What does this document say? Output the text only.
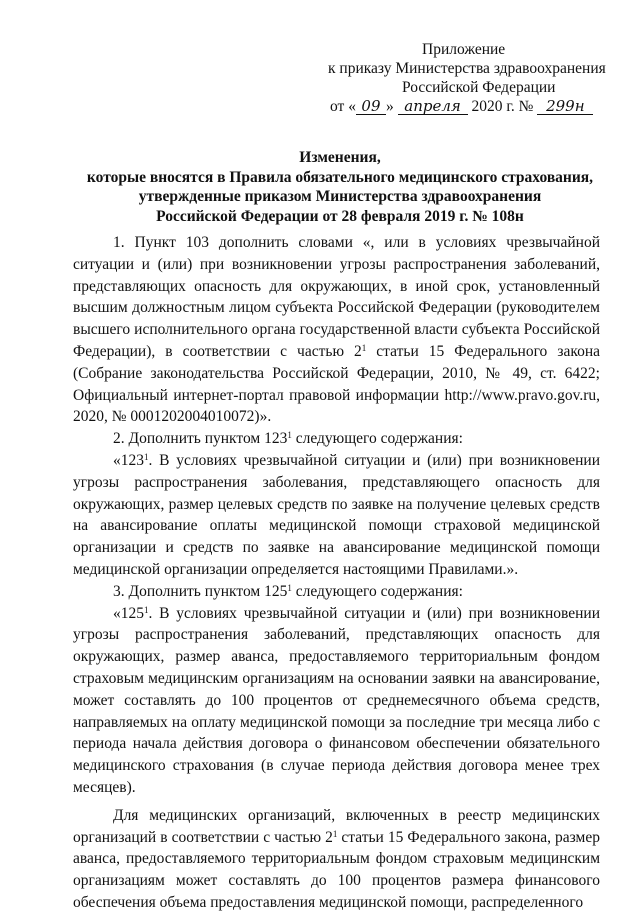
Приложение
к приказу Министерства здравоохранения
Российской Федерации
от « 09 » апреля 2020 г. № 299н
Изменения,
которые вносятся в Правила обязательного медицинского страхования,
утвержденные приказом Министерства здравоохранения
Российской Федерации от 28 февраля 2019 г. № 108н

1. Пункт 103 дополнить словами «, или в условиях чрезвычайной ситуации и (или) при возникновении угрозы распространения заболеваний, представляющих опасность для окружающих, в иной срок, установленный высшим должностным лицом субъекта Российской Федерации (руководителем высшего исполнительного органа государственной власти субъекта Российской Федерации), в соответствии с частью $2^1$ статьи 15 Федерального закона (Собрание законодательства Российской Федерации, 2010, № 49, ст. 6422; Официальный интернет-портал правовой информации http://www.pravo.gov.ru, 2020, № 0001202004010072)».

2. Дополнить пунктом $123^1$ следующего содержания:

«$123^1$. В условиях чрезвычайной ситуации и (или) при возникновении угрозы распространения заболевания, представляющего опасность для окружающих, размер целевых средств по заявке на получение целевых средств на авансирование оплаты медицинской помощи страховой медицинской организации и средств по заявке на авансирование медицинской помощи медицинской организации определяется настоящими Правилами.».

3. Дополнить пунктом $125^1$ следующего содержания:

«$125^1$. В условиях чрезвычайной ситуации и (или) при возникновении угрозы распространения заболеваний, представляющих опасность для окружающих, размер аванса, предоставляемого территориальным фондом страховым медицинским организациям на основании заявки на авансирование, может составлять до 100 процентов от среднемесячного объема средств, направляемых на оплату медицинской помощи за последние три месяца либо с периода начала действия договора о финансовом обеспечении обязательного медицинского страхования (в случае периода действия договора менее трех месяцев).

Для медицинских организаций, включенных в реестр медицинских организаций в соответствии с частью $2^1$ статьи 15 Федерального закона, размер аванса, предоставляемого территориальным фондом страховым медицинским организациям может составлять до 100 процентов размера финансового обеспечения объема предоставления медицинской помощи, распределенного
